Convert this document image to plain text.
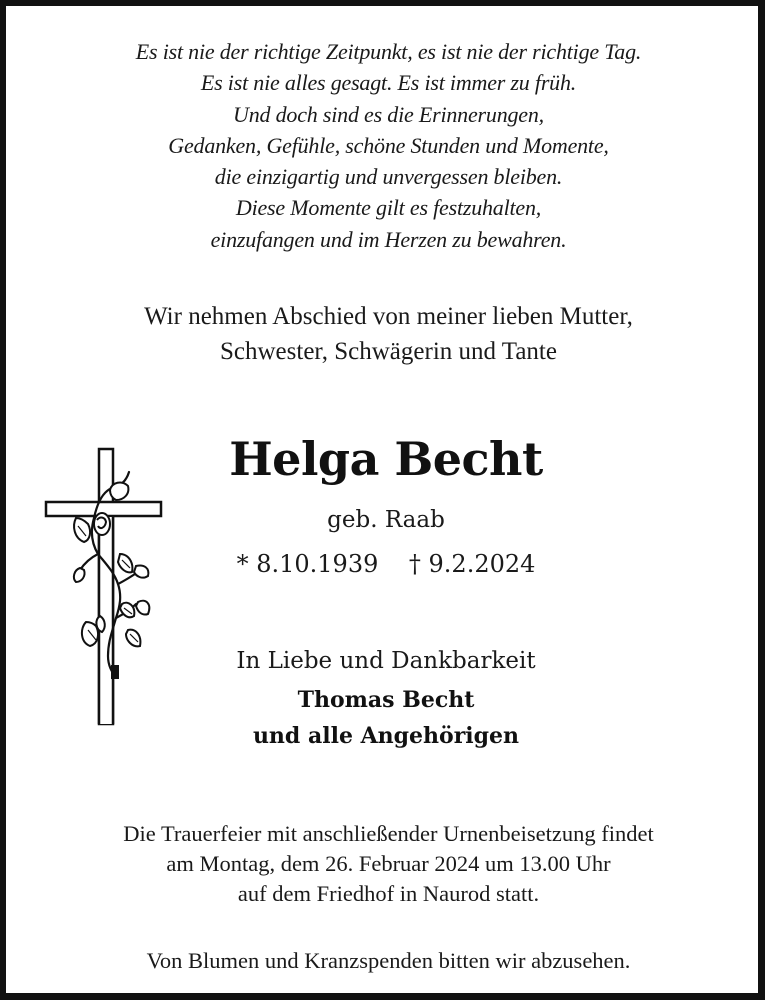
Es ist nie der richtige Zeitpunkt, es ist nie der richtige Tag.
Es ist nie alles gesagt. Es ist immer zu früh.
Und doch sind es die Erinnerungen,
Gedanken, Gefühle, schöne Stunden und Momente,
die einzigartig und unvergessen bleiben.
Diese Momente gilt es festzuhalten,
einzufangen und im Herzen zu bewahren.
Wir nehmen Abschied von meiner lieben Mutter,
Schwester, Schwägerin und Tante
Helga Becht
geb. Raab
* 8.10.1939 † 9.2.2024
In Liebe und Dankbarkeit
Thomas Becht
und alle Angehörigen
Die Trauerfeier mit anschließender Urnenbeisetzung findet
am Montag, dem 26. Februar 2024 um 13.00 Uhr
auf dem Friedhof in Naurod statt.
Von Blumen und Kranzspenden bitten wir abzusehen.
